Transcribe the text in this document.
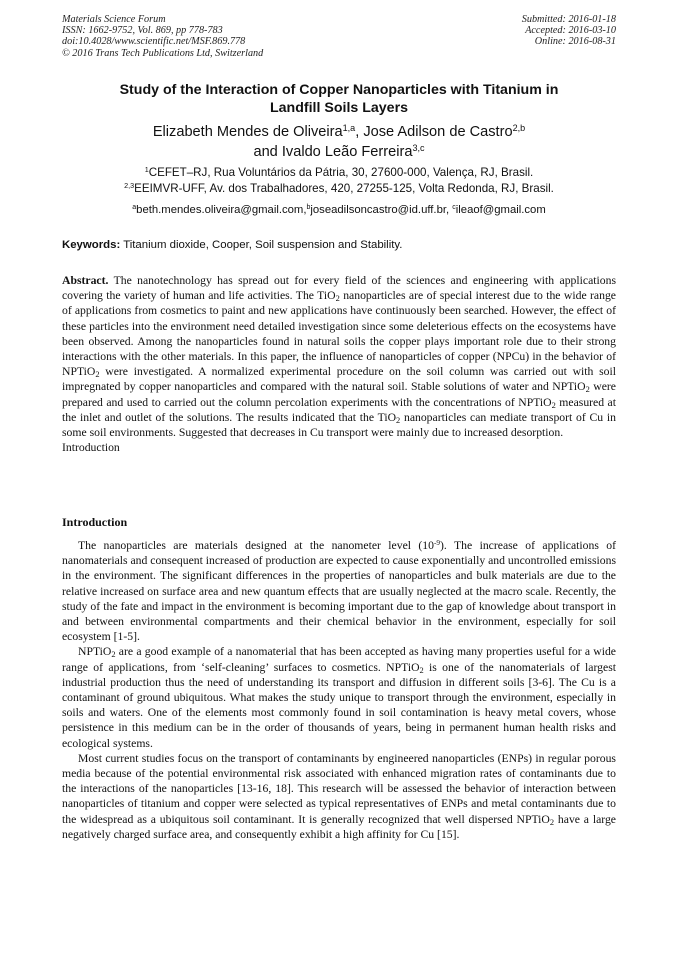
Materials Science Forum
ISSN: 1662-9752, Vol. 869, pp 778-783
doi:10.4028/www.scientific.net/MSF.869.778
© 2016 Trans Tech Publications Ltd, Switzerland
Submitted: 2016-01-18
Accepted: 2016-03-10
Online: 2016-08-31
Study of the Interaction of Copper Nanoparticles with Titanium in
Landfill Soils Layers
Elizabeth Mendes de Oliveira$^{1,a}$, Jose Adilson de Castro$^{2,b}$
and Ivaldo Leão Ferreira$^{3,c}$
$^1$CEFET–RJ, Rua Voluntários da Pátria, 30, 27600-000, Valença, RJ, Brasil.
$^{2,3}$EEIMVR-UFF, Av. dos Trabalhadores, 420, 27255-125, Volta Redonda, RJ, Brasil.
$^a$beth.mendes.oliveira@gmail.com,$^b$joseadilsoncastro@id.uff.br, $^c$ileaof@gmail.com
Keywords: Titanium dioxide, Cooper, Soil suspension and Stability.
Abstract. The nanotechnology has spread out for every field of the sciences and engineering with applications covering the variety of human and life activities. The TiO$_2$ nanoparticles are of special interest due to the wide range of applications from cosmetics to paint and new applications have continuously been searched. However, the effect of these particles into the environment need detailed investigation since some deleterious effects on the ecosystems have been observed. Among the nanoparticles found in natural soils the copper plays important role due to their strong interactions with the other materials. In this paper, the influence of nanoparticles of copper (NPCu) in the behavior of NPTiO$_2$ were investigated. A normalized experimental procedure on the soil column was carried out with soil impregnated by copper nanoparticles and compared with the natural soil. Stable solutions of water and NPTiO$_2$ were prepared and used to carried out the column percolation experiments with the concentrations of NPTiO$_2$ measured at the inlet and outlet of the solutions. The results indicated that the TiO$_2$ nanoparticles can mediate transport of Cu in some soil environments. Suggested that decreases in Cu transport were mainly due to increased desorption.
Introduction
Introduction

The nanoparticles are materials designed at the nanometer level $(10^{-9})$. The increase of applications of nanomaterials and consequent increased of production are expected to cause exponentially and uncontrolled emissions in the environment. The significant differences in the properties of nanoparticles and bulk materials are due to the relative increased on surface area and new quantum effects that are usually neglected at the macro scale. Recently, the study of the fate and impact in the environment is becoming important due to the gap of knowledge about transport in and between environmental compartments and their chemical behavior in the environment, especially for soil ecosystem [1-5].

NPTiO$_2$ are a good example of a nanomaterial that has been accepted as having many properties useful for a wide range of applications, from ‘self-cleaning’ surfaces to cosmetics. NPTiO$_2$ is one of the nanomaterials of largest industrial production thus the need of understanding its transport and diffusion in different soils [3-6]. The Cu is a contaminant of ground ubiquitous. What makes the study unique to transport through the environment, especially in soils and waters. One of the elements most commonly found in soil contamination is heavy metal covers, whose persistence in this medium can be in the order of thousands of years, being in permanent human health risks and ecological systems.

Most current studies focus on the transport of contaminants by engineered nanoparticles (ENPs) in regular porous media because of the potential environmental risk associated with enhanced migration rates of contaminants due to the interactions of the nanoparticles [13-16, 18]. This research will be assessed the behavior of interaction between nanoparticles of titanium and copper were selected as typical representatives of ENPs and metal contaminants due to the widespread as a ubiquitous soil contaminant. It is generally recognized that well dispersed NPTiO$_2$ have a large negatively charged surface area, and consequently exhibit a high affinity for Cu [15].
